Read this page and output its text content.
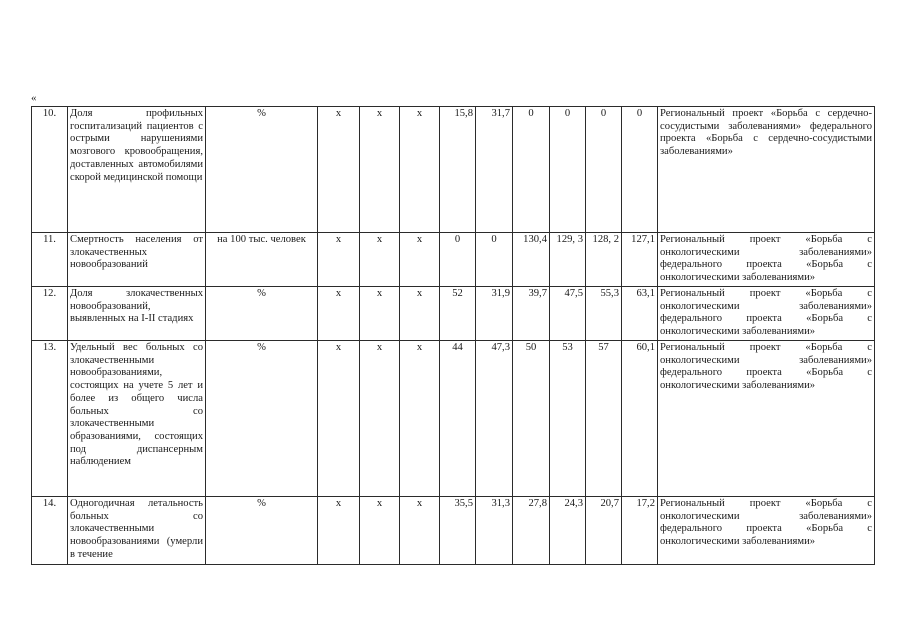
«
10.	Доля профильных госпитализаций пациентов с острыми нарушениями мозгового кровообращения, доставленных автомобилями скорой медицинской помощи	%	x	x	x	15,8	31,7	0	0	0	0	Региональный проект «Борьба с сердечно-сосудистыми заболеваниями» федерального проекта «Борьба с сердечно-сосудистыми заболеваниями»
11.	Смертность населения от злокачественных новообразований	на 100 тыс. человек	x	x	x	0	0	130,4	129, 3	128, 2	127,1	Региональный проект «Борьба с онкологическими заболеваниями» федерального проекта «Борьба с онкологическими заболеваниями»
12.	Доля злокачественных новообразований, выявленных на I-II стадиях	%	x	x	x	52	31,9	39,7	47,5	55,3	63,1	Региональный проект «Борьба с онкологическими заболеваниями» федерального проекта «Борьба с онкологическими заболеваниями»
13.	Удельный вес больных со злокачественными новообразованиями, состоящих на учете 5 лет и более из общего числа больных со злокачественными образованиями, состоящих под диспансерным наблюдением	%	x	x	x	44	47,3	50	53	57	60,1	Региональный проект «Борьба с онкологическими заболеваниями» федерального проекта «Борьба с онкологическими заболеваниями»
14.	Одногодичная летальность больных со злокачественными новообразованиями (умерли в течение	%	x	x	x	35,5	31,3	27,8	24,3	20,7	17,2	Региональный проект «Борьба с онкологическими заболеваниями» федерального проекта «Борьба с онкологическими заболеваниями»
